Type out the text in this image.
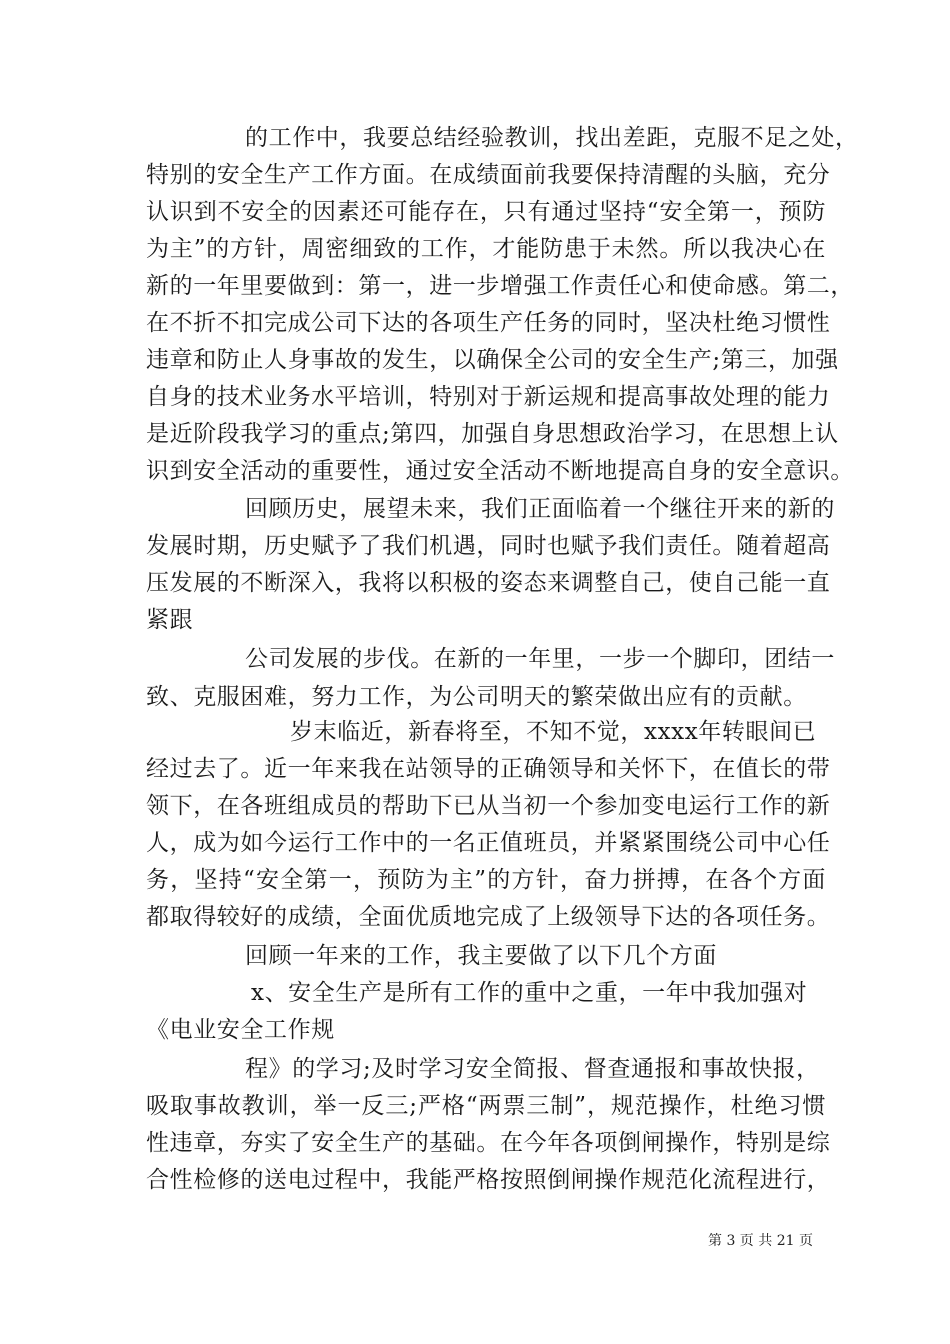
的工作中，我要总结经验教训，找出差距，克服不足之处，
特别的安全生产工作方面。在成绩面前我要保持清醒的头脑，充分
认识到不安全的因素还可能存在，只有通过坚持“安全第一，预防
为主”的方针，周密细致的工作，才能防患于未然。所以我决心在
新的一年里要做到：第一，进一步增强工作责任心和使命感。第二，
在不折不扣完成公司下达的各项生产任务的同时，坚决杜绝习惯性
违章和防止人身事故的发生，以确保全公司的安全生产;第三，加强
自身的技术业务水平培训，特别对于新运规和提高事故处理的能力
是近阶段我学习的重点;第四，加强自身思想政治学习，在思想上认
识到安全活动的重要性，通过安全活动不断地提高自身的安全意识。
回顾历史，展望未来，我们正面临着一个继往开来的新的
发展时期，历史赋予了我们机遇，同时也赋予我们责任。随着超高
压发展的不断深入，我将以积极的姿态来调整自己，使自己能一直
紧跟
公司发展的步伐。在新的一年里，一步一个脚印，团结一
致、克服困难，努力工作，为公司明天的繁荣做出应有的贡献。
岁末临近，新春将至，不知不觉，xxxx年转眼间已
经过去了。近一年来我在站领导的正确领导和关怀下，在值长的带
领下，在各班组成员的帮助下已从当初一个参加变电运行工作的新
人，成为如今运行工作中的一名正值班员，并紧紧围绕公司中心任
务，坚持“安全第一，预防为主”的方针，奋力拼搏，在各个方面
都取得较好的成绩，全面优质地完成了上级领导下达的各项任务。
回顾一年来的工作，我主要做了以下几个方面
x、安全生产是所有工作的重中之重，一年中我加强对
《电业安全工作规
程》的学习;及时学习安全简报、督查通报和事故快报，
吸取事故教训，举一反三;严格“两票三制”，规范操作，杜绝习惯
性违章，夯实了安全生产的基础。在今年各项倒闸操作，特别是综
合性检修的送电过程中，我能严格按照倒闸操作规范化流程进行，
第 3 页 共 21 页
